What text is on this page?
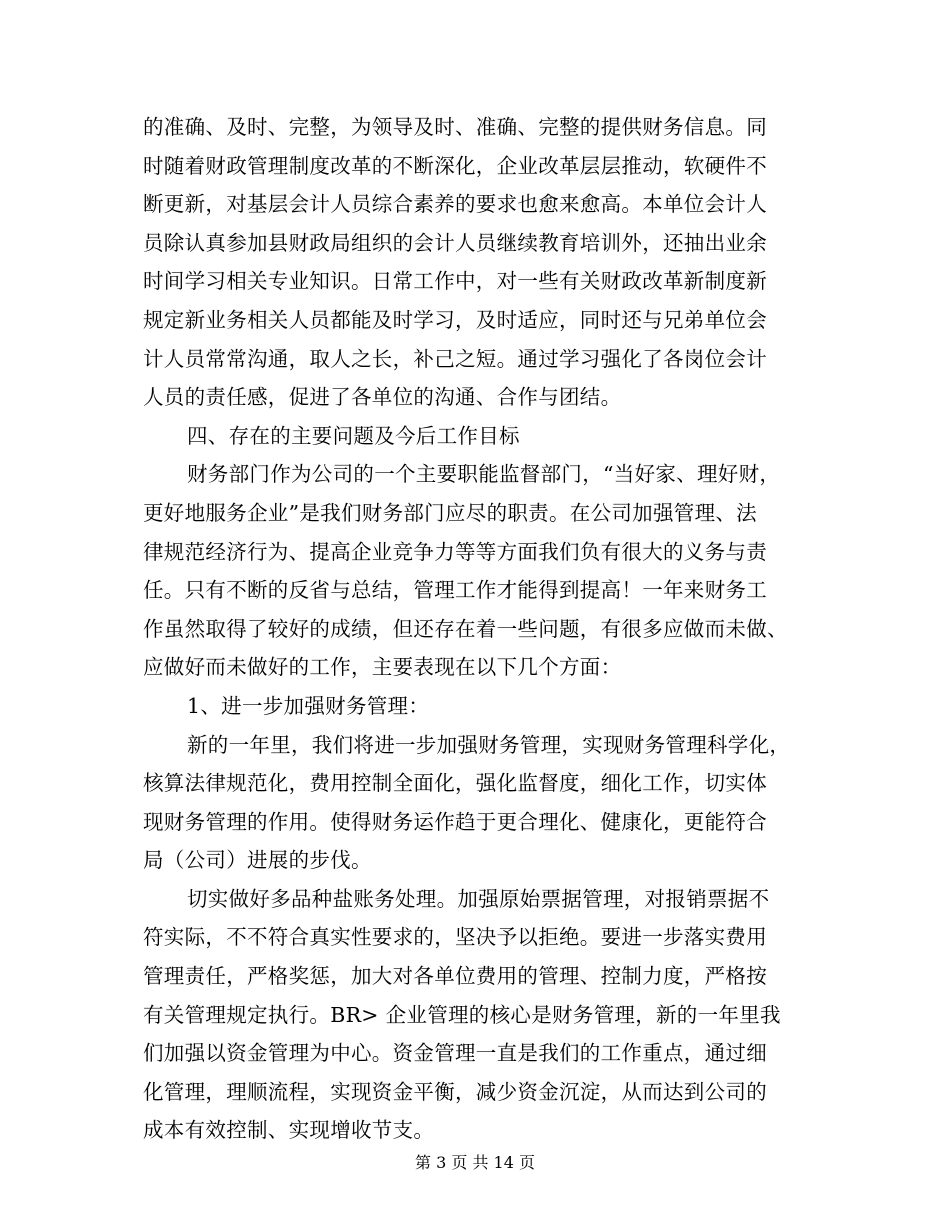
的准确、及时、完整，为领导及时、准确、完整的提供财务信息。同
时随着财政管理制度改革的不断深化，企业改革层层推动，软硬件不
断更新，对基层会计人员综合素养的要求也愈来愈高。本单位会计人
员除认真参加县财政局组织的会计人员继续教育培训外，还抽出业余
时间学习相关专业知识。日常工作中，对一些有关财政改革新制度新
规定新业务相关人员都能及时学习，及时适应，同时还与兄弟单位会
计人员常常沟通，取人之长，补己之短。通过学习强化了各岗位会计
人员的责任感，促进了各单位的沟通、合作与团结。
四、存在的主要问题及今后工作目标
财务部门作为公司的一个主要职能监督部门，“当好家、理好财，
更好地服务企业”是我们财务部门应尽的职责。在公司加强管理、法
律规范经济行为、提高企业竞争力等等方面我们负有很大的义务与责
任。只有不断的反省与总结，管理工作才能得到提高！一年来财务工
作虽然取得了较好的成绩，但还存在着一些问题，有很多应做而未做、
应做好而未做好的工作，主要表现在以下几个方面：
1、进一步加强财务管理：
新的一年里，我们将进一步加强财务管理，实现财务管理科学化，
核算法律规范化，费用控制全面化，强化监督度，细化工作，切实体
现财务管理的作用。使得财务运作趋于更合理化、健康化，更能符合
局（公司）进展的步伐。
切实做好多品种盐账务处理。加强原始票据管理，对报销票据不
符实际，不不符合真实性要求的，坚决予以拒绝。要进一步落实费用
管理责任，严格奖惩，加大对各单位费用的管理、控制力度，严格按
有关管理规定执行。BR> 企业管理的核心是财务管理，新的一年里我
们加强以资金管理为中心。资金管理一直是我们的工作重点，通过细
化管理，理顺流程，实现资金平衡，减少资金沉淀，从而达到公司的
成本有效控制、实现增收节支。
第 3 页 共 14 页
